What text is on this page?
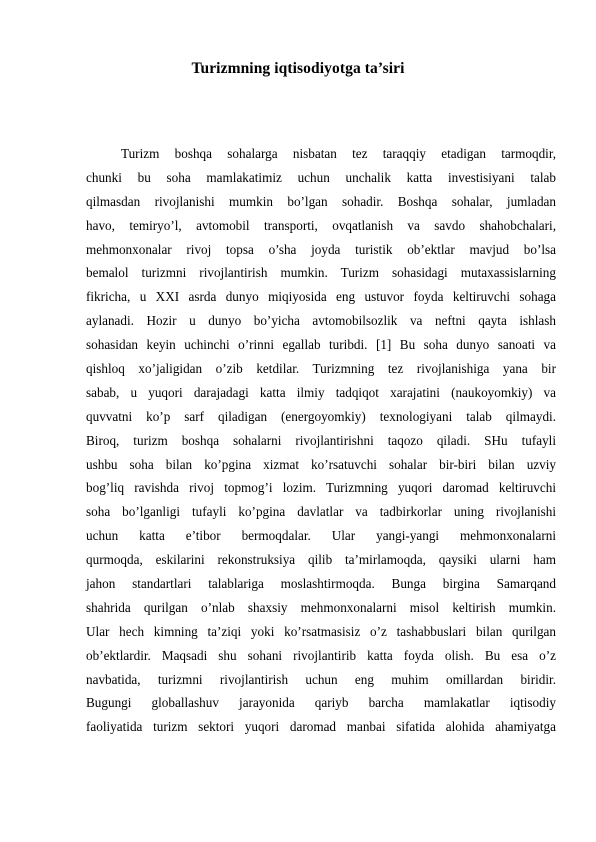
Turizmning iqtisodiyotga ta’siri
Turizm boshqa sohalarga nisbatan tez taraqqiy etadigan tarmoqdir,
chunki bu soha mamlakatimiz uchun unchalik katta investisiyani talab
qilmasdan rivojlanishi mumkin bo’lgan sohadir. Boshqa sohalar, jumladan
havo, temiryo’l, avtomobil transporti, ovqatlanish va savdo shahobchalari,
mehmonxonalar rivoj topsa o’sha joyda turistik ob’ektlar mavjud bo’lsa
bemalol turizmni rivojlantirish mumkin. Turizm sohasidagi mutaxassislarning
fikricha, u XXI asrda dunyo miqiyosida eng ustuvor foyda keltiruvchi sohaga
aylanadi. Hozir u dunyo bo’yicha avtomobilsozlik va neftni qayta ishlash
sohasidan keyin uchinchi o’rinni egallab turibdi. [1] Bu soha dunyo sanoati va
qishloq xo’jaligidan o’zib ketdilar. Turizmning tez rivojlanishiga yana bir
sabab, u yuqori darajadagi katta ilmiy tadqiqot xarajatini (naukoyomkiy) va
quvvatni ko’p sarf qiladigan (energoyomkiy) texnologiyani talab qilmaydi.
Biroq, turizm boshqa sohalarni rivojlantirishni taqozo qiladi. SHu tufayli
ushbu soha bilan ko’pgina xizmat ko’rsatuvchi sohalar bir-biri bilan uzviy
bog’liq ravishda rivoj topmog’i lozim. Turizmning yuqori daromad keltiruvchi
soha bo’lganligi tufayli ko’pgina davlatlar va tadbirkorlar uning rivojlanishi
uchun katta e’tibor bermoqdalar. Ular yangi-yangi mehmonxonalarni
qurmoqda, eskilarini rekonstruksiya qilib ta’mirlamoqda, qaysiki ularni ham
jahon standartlari talablariga moslashtirmoqda. Bunga birgina Samarqand
shahrida qurilgan o’nlab shaxsiy mehmonxonalarni misol keltirish mumkin.
Ular hech kimning ta’ziqi yoki ko’rsatmasisiz o’z tashabbuslari bilan qurilgan
ob’ektlardir. Maqsadi shu sohani rivojlantirib katta foyda olish. Bu esa o’z
navbatida, turizmni rivojlantirish uchun eng muhim omillardan biridir.
Bugungi globallashuv jarayonida qariyb barcha mamlakatlar iqtisodiy
faoliyatida turizm sektori yuqori daromad manbai sifatida alohida ahamiyatga
